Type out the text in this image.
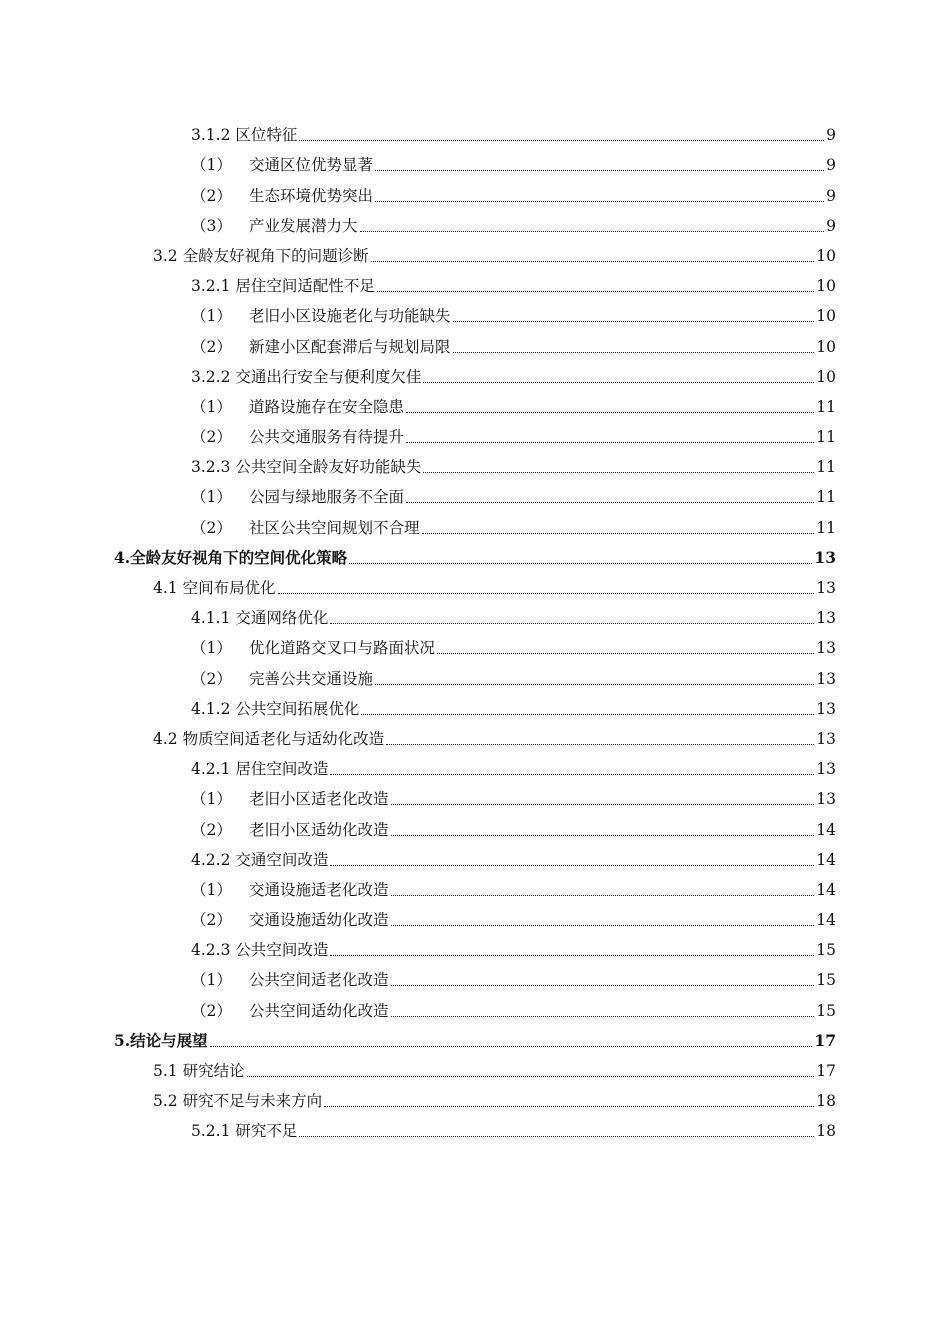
3.1.2 区位特征	9
（1） 交通区位优势显著	9
（2） 生态环境优势突出	9
（3） 产业发展潜力大	9
3.2 全龄友好视角下的问题诊断	10
3.2.1 居住空间适配性不足	10
（1） 老旧小区设施老化与功能缺失	10
（2） 新建小区配套滞后与规划局限	10
3.2.2 交通出行安全与便利度欠佳	10
（1） 道路设施存在安全隐患	11
（2） 公共交通服务有待提升	11
3.2.3 公共空间全龄友好功能缺失	11
（1） 公园与绿地服务不全面	11
（2） 社区公共空间规划不合理	11
4.全龄友好视角下的空间优化策略	13
4.1 空间布局优化	13
4.1.1 交通网络优化	13
（1） 优化道路交叉口与路面状况	13
（2） 完善公共交通设施	13
4.1.2 公共空间拓展优化	13
4.2 物质空间适老化与适幼化改造	13
4.2.1 居住空间改造	13
（1） 老旧小区适老化改造	13
（2） 老旧小区适幼化改造	14
4.2.2 交通空间改造	14
（1） 交通设施适老化改造	14
（2） 交通设施适幼化改造	14
4.2.3 公共空间改造	15
（1） 公共空间适老化改造	15
（2） 公共空间适幼化改造	15
5.结论与展望	17
5.1 研究结论	17
5.2 研究不足与未来方向	18
5.2.1 研究不足	18
